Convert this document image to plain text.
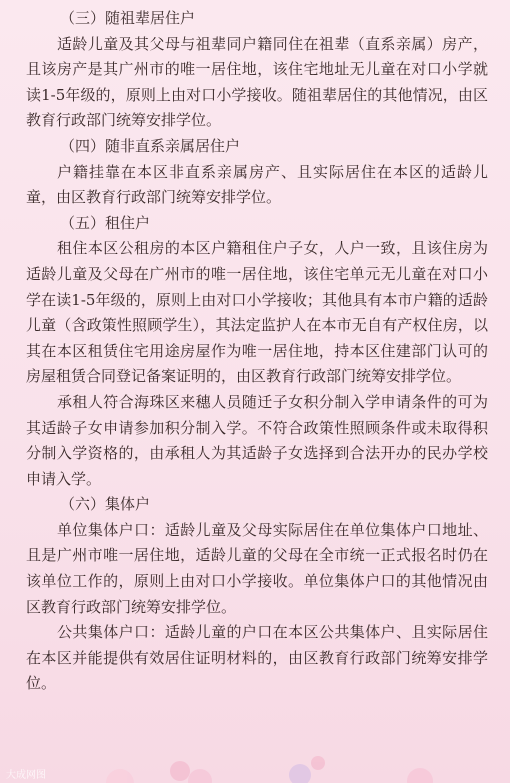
（三）随祖辈居住户

适龄儿童及其父母与祖辈同户籍同住在祖辈（直系亲属）房产，且该房产是其广州市的唯一居住地，该住宅地址无儿童在对口小学就读1-5年级的，原则上由对口小学接收。随祖辈居住的其他情况，由区教育行政部门统筹安排学位。

（四）随非直系亲属居住户

户籍挂靠在本区非直系亲属房产、且实际居住在本区的适龄儿童，由区教育行政部门统筹安排学位。

（五）租住户

租住本区公租房的本区户籍租住户子女，人户一致，且该住房为适龄儿童及父母在广州市的唯一居住地，该住宅单元无儿童在对口小学在读1-5年级的，原则上由对口小学接收；其他具有本市户籍的适龄儿童（含政策性照顾学生），其法定监护人在本市无自有产权住房，以其在本区租赁住宅用途房屋作为唯一居住地，持本区住建部门认可的房屋租赁合同登记备案证明的，由区教育行政部门统筹安排学位。

承租人符合海珠区来穗人员随迁子女积分制入学申请条件的可为其适龄子女申请参加积分制入学。不符合政策性照顾条件或未取得积分制入学资格的，由承租人为其适龄子女选择到合法开办的民办学校申请入学。

（六）集体户

单位集体户口：适龄儿童及父母实际居住在单位集体户口地址、且是广州市唯一居住地，适龄儿童的父母在全市统一正式报名时仍在该单位工作的，原则上由对口小学接收。单位集体户口的其他情况由区教育行政部门统筹安排学位。

公共集体户口：适龄儿童的户口在本区公共集体户、且实际居住在本区并能提供有效居住证明材料的，由区教育行政部门统筹安排学位。

大成网图
